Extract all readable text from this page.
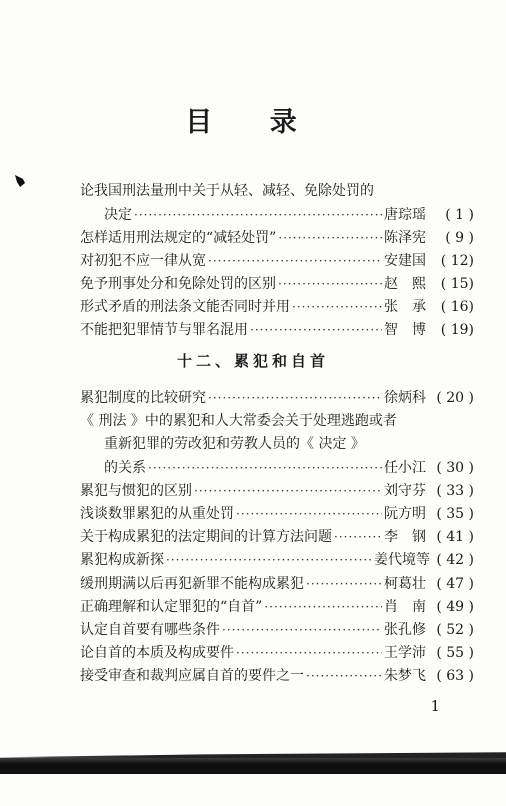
目 录
论我国刑法量刑中关于从轻、减轻、免除处罚的
决定 ·····	唐琮瑶	( 1 )
怎样适用刑法规定的“减轻处罚” ·····	陈泽宪	( 9 )
对初犯不应一律从宽 ·····	安建国	( 12)
免予刑事处分和免除处罚的区别 ·····	赵　熙	( 15)
形式矛盾的刑法条文能否同时并用 ·····	张　承	( 16)
不能把犯罪情节与罪名混用 ·····	智　博	( 19)
十二、累犯和自首
累犯制度的比较研究 ·····	徐炳科 ( 20 )
《 刑法 》中的累犯和人大常委会关于处理逃跑或者
重新犯罪的劳改犯和劳教人员的《 决定 》
的关系 ·····	任小江 ( 30 )
累犯与惯犯的区别 ·····	刘守芬 ( 33 )
浅谈数罪累犯的从重处罚 ·····	阮方明 ( 35 )
关于构成累犯的法定期间的计算方法问题 ·····	李　钢 ( 41 )
累犯构成新探 ·····	姜代境等 ( 42 )
缓刑期满以后再犯新罪不能构成累犯 ·····	柯葛壮 ( 47 )
正确理解和认定罪犯的“自首” ·····	肖　南 ( 49 )
认定自首要有哪些条件 ·····	张孔修 ( 52 )
论自首的本质及构成要件 ·····	王学沛 ( 55 )
接受审查和裁判应属自首的要件之一 ·····	朱梦飞 ( 63 )
1
